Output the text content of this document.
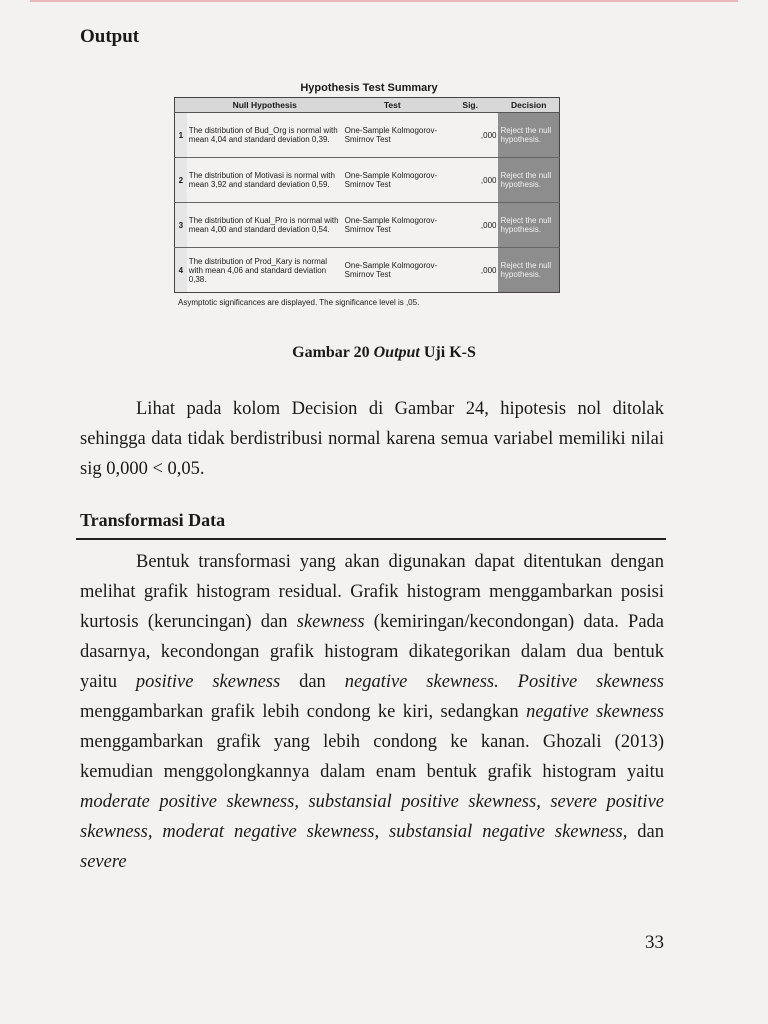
Output
Hypothesis Test Summary
	Null Hypothesis	Test	Sig.	Decision
1	The distribution of Bud_Org is normal with mean 4,04 and standard deviation 0,39.	One-Sample Kolmogorov-Smirnov Test	,000	Reject the null hypothesis.
2	The distribution of Motivasi is normal with mean 3,92 and standard deviation 0,59.	One-Sample Kolmogorov-Smirnov Test	,000	Reject the null hypothesis.
3	The distribution of Kual_Pro is normal with mean 4,00 and standard deviation 0,54.	One-Sample Kolmogorov-Smirnov Test	,000	Reject the null hypothesis.
4	The distribution of Prod_Kary is normal with mean 4,06 and standard deviation 0,38.	One-Sample Kolmogorov-Smirnov Test	,000	Reject the null hypothesis.
Asymptotic significances are displayed. The significance level is ,05.
Gambar 20 Output Uji K-S
Lihat pada kolom Decision di Gambar 24, hipotesis nol ditolak sehingga data tidak berdistribusi normal karena semua variabel memiliki nilai sig 0,000 < 0,05.
Transformasi Data
Bentuk transformasi yang akan digunakan dapat ditentukan dengan melihat grafik histogram residual. Grafik histogram menggambarkan posisi kurtosis (keruncingan) dan skewness (kemiringan/kecondongan) data. Pada dasarnya, kecondongan grafik histogram dikategorikan dalam dua bentuk yaitu positive skewness dan negative skewness. Positive skewness menggambarkan grafik lebih condong ke kiri, sedangkan negative skewness menggambarkan grafik yang lebih condong ke kanan. Ghozali (2013) kemudian menggolongkannya dalam enam bentuk grafik histogram yaitu moderate positive skewness, substansial positive skewness, severe positive skewness, moderat negative skewness, substansial negative skewness, dan severe
33
